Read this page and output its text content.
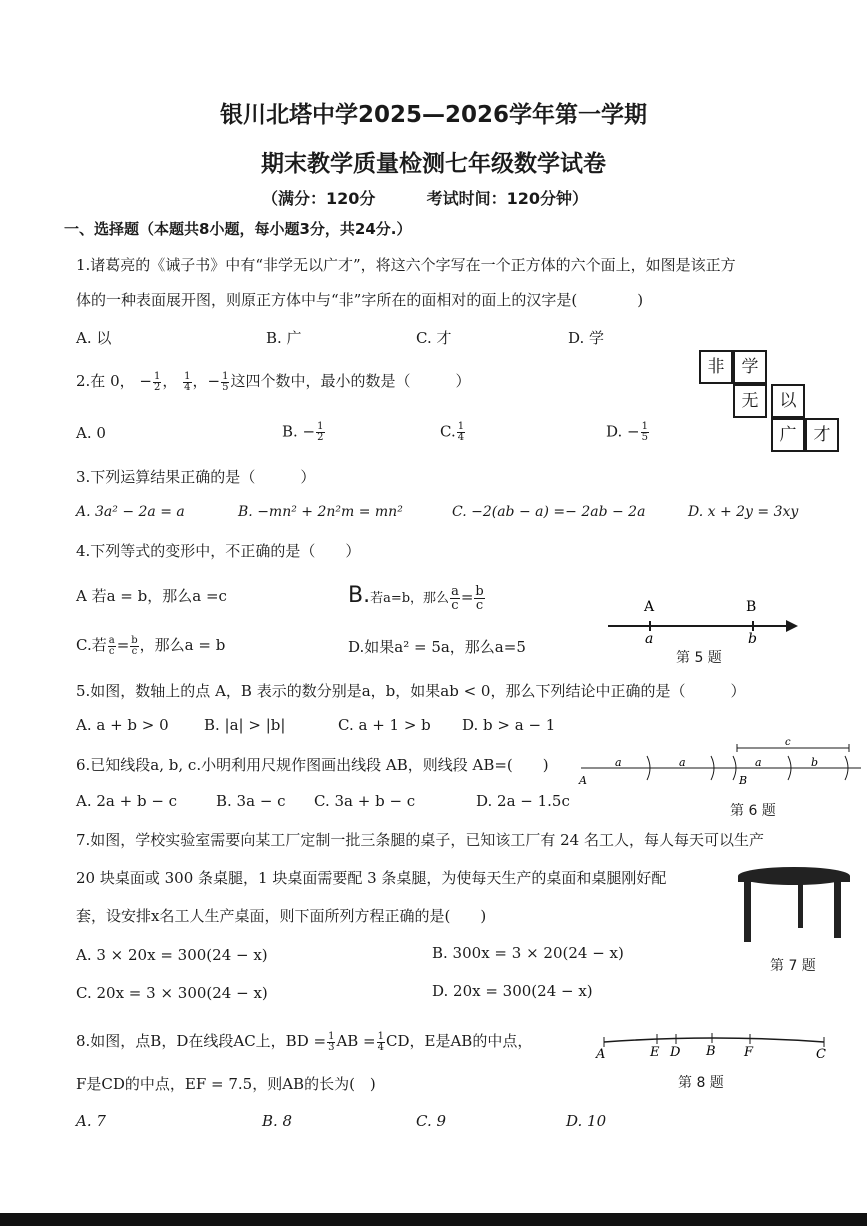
银川北塔中学2025—2026学年第一学期
期末教学质量检测七年级数学试卷
（满分：120分	考试时间：120分钟）
一、选择题（本题共8小题，每小题3分，共24分.）
1.诸葛亮的《诫子书》中有“非学无以广才”，将这六个字写在一个正方体的六个面上，如图是该正方
体的一种表面展开图，则原正方体中与“非”字所在的面相对的面上的汉字是(　　　　)
A. 以	B. 广	C. 才	D. 学
非	学
无	以
广	才
2.在 0， − $\frac{1}{2}$ ， $\frac{1}{4}$ ，− $\frac{1}{5}$ 这四个数中，最小的数是（　　　）
A. 0	B. − $\frac{1}{2}$	C. $\frac{1}{4}$	D. − $\frac{1}{5}$
3.下列运算结果正确的是（　　　）
A. 3a² − 2a = a	B. −mn² + 2n²m = mn²	C. −2(ab − a) =− 2ab − 2a	D. x + 2y = 3xy
4.下列等式的变形中，不正确的是（　　）
A 若a = b，那么a =c	B.若a=b，那么 $\frac{a}{c} = \frac{b}{c}$
C.若 $\frac{a}{c} = \frac{b}{c}$ ，那么a = b	D.如果a² = 5a，那么a=5
A	B
a	b
第 5 题
5.如图，数轴上的点 A，B 表示的数分别是a，b，如果ab < 0，那么下列结论中正确的是（　　　）
A. a + b > 0 B. |a| > |b|	C. a + 1 > b D. b > a − 1
6.已知线段a, b, c.小明利用尺规作图画出线段 AB，则线段 AB=(　　)
A. 2a + b − c	B. 3a − c C. 3a + b − c	D. 2a − 1.5c
c
a	a	a	b
A	B
第 6 题
7.如图，学校实验室需要向某工厂定制一批三条腿的桌子，已知该工厂有 24 名工人，每人每天可以生产
20 块桌面或 300 条桌腿，1 块桌面需要配 3 条桌腿，为使每天生产的桌面和桌腿刚好配
套，设安排x名工人生产桌面，则下面所列方程正确的是(　　)
A. 3 × 20x = 300(24 − x)	B. 300x = 3 × 20(24 − x)
C. 20x = 3 × 300(24 − x)	D. 20x = 300(24 − x)
第 7 题
8.如图，点B，D在线段AC上，BD = $\frac{1}{3}$ AB = $\frac{1}{4}$ CD，E是AB的中点，
F是CD的中点，EF = 7.5，则AB的长为(　)
A. 7	B. 8	C. 9	D. 10
A	E D B F	C
第 8 题
